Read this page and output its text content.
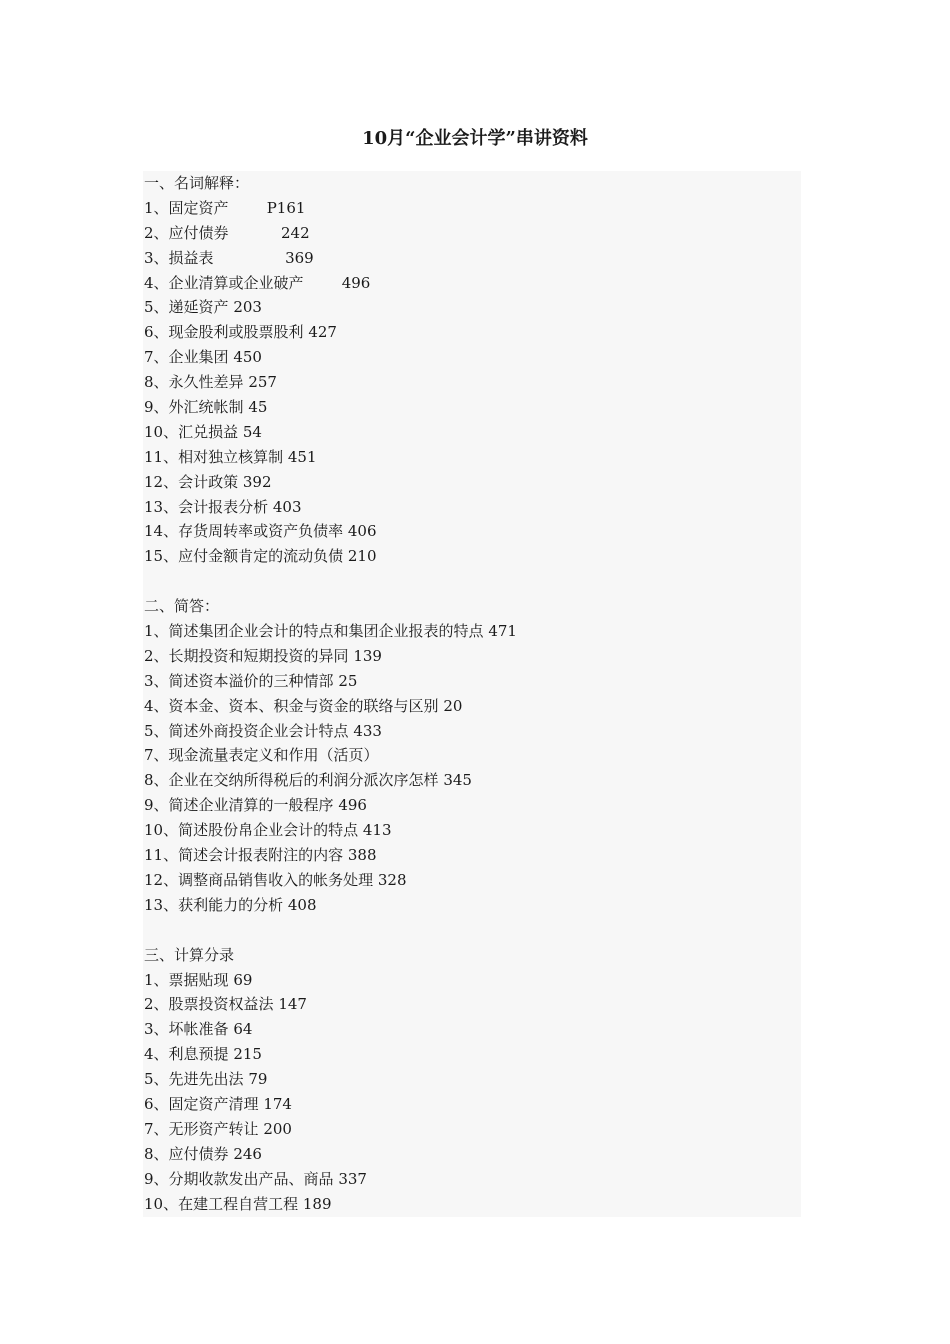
10月“企业会计学”串讲资料
一、名词解释：
1、固定资产	P161
2、应付债券	242
3、损益表	369
4、企业清算或企业破产	496
5、递延资产 203
6、现金股利或股票股利 427
7、企业集团 450
8、永久性差异 257
9、外汇统帐制 45
10、汇兑损益 54
11、相对独立核算制 451
12、会计政策 392
13、会计报表分析 403
14、存货周转率或资产负债率 406
15、应付金额肯定的流动负债 210
二、简答：
1、简述集团企业会计的特点和集团企业报表的特点 471
2、长期投资和短期投资的异同 139
3、简述资本溢价的三种情部 25
4、资本金、资本、积金与资金的联络与区别 20
5、简述外商投资企业会计特点 433
7、现金流量表定义和作用（活页）
8、企业在交纳所得税后的利润分派次序怎样 345
9、简述企业清算的一般程序 496
10、简述股份帛企业会计的特点 413
11、简述会计报表附注的内容 388
12、调整商品销售收入的帐务处理 328
13、获利能力的分析 408
三、计算分录
1、票据贴现 69
2、股票投资权益法 147
3、坏帐准备 64
4、利息预提 215
5、先进先出法 79
6、固定资产清理 174
7、无形资产转让 200
8、应付债券 246
9、分期收款发出产品、商品 337
10、在建工程自营工程 189
